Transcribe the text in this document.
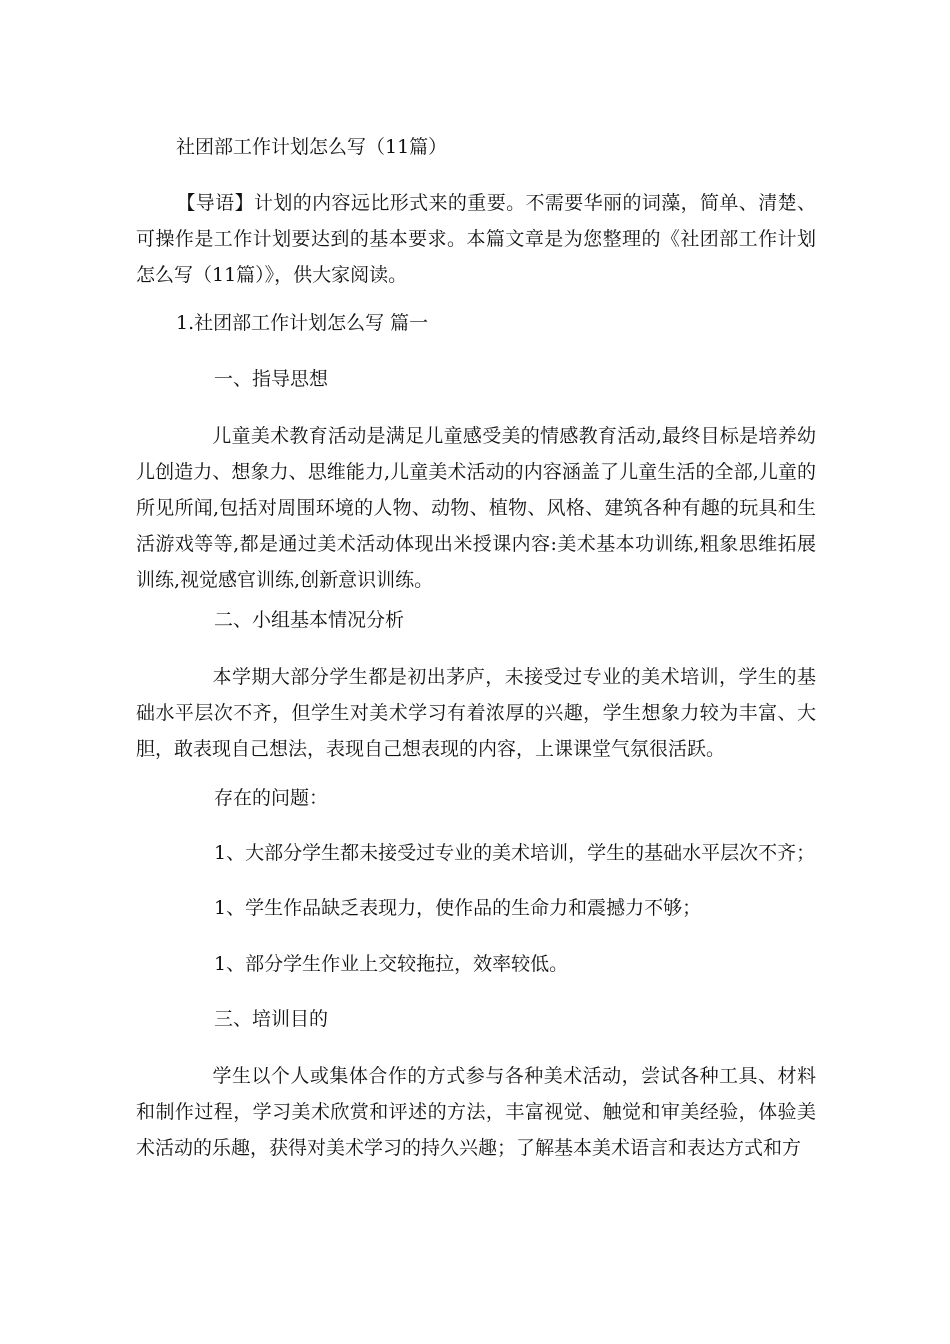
社团部工作计划怎么写（11篇）
【导语】计划的内容远比形式来的重要。不需要华丽的词藻，简单、清楚、可操作是工作计划要达到的基本要求。本篇文章是为您整理的《社团部工作计划怎么写（11篇）》，供大家阅读。
1.社团部工作计划怎么写 篇一
一、指导思想
儿童美术教育活动是满足儿童感受美的情感教育活动,最终目标是培养幼儿创造力、想象力、思维能力,儿童美术活动的内容涵盖了儿童生活的全部,儿童的所见所闻,包括对周围环境的人物、动物、植物、风格、建筑各种有趣的玩具和生活游戏等等,都是通过美术活动体现出米授课内容:美术基本功训练,粗象思维拓展训练,视觉感官训练,创新意识训练。
二、小组基本情况分析
本学期大部分学生都是初出茅庐，未接受过专业的美术培训，学生的基础水平层次不齐，但学生对美术学习有着浓厚的兴趣，学生想象力较为丰富、大胆，敢表现自己想法，表现自己想表现的内容，上课课堂气氛很活跃。
存在的问题：
1、大部分学生都未接受过专业的美术培训，学生的基础水平层次不齐；
1、学生作品缺乏表现力，使作品的生命力和震撼力不够；
1、部分学生作业上交较拖拉，效率较低。
三、培训目的
学生以个人或集体合作的方式参与各种美术活动，尝试各种工具、材料和制作过程，学习美术欣赏和评述的方法，丰富视觉、触觉和审美经验，体验美术活动的乐趣，获得对美术学习的持久兴趣；了解基本美术语言和表达方式和方
